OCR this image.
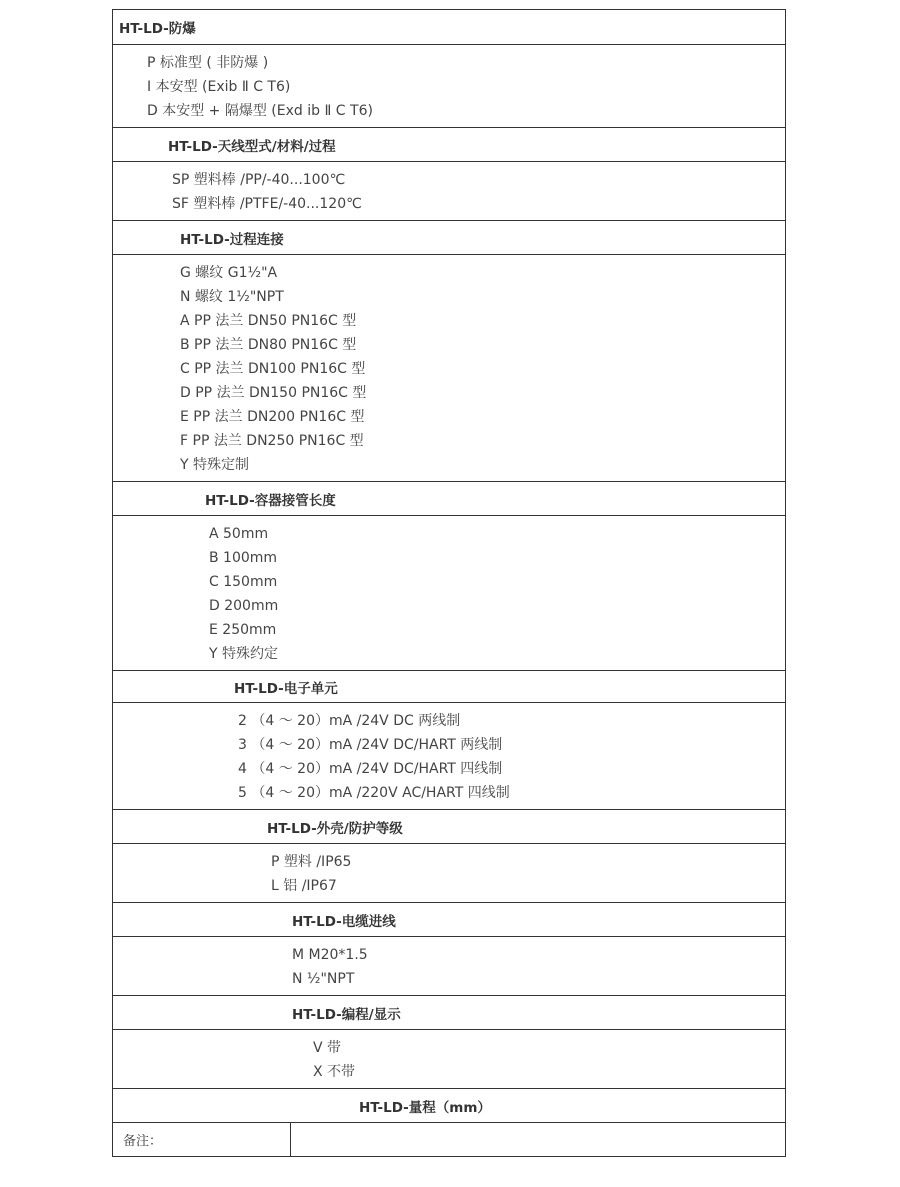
HT-LD-防爆
P 标准型 ( 非防爆 )
I 本安型 (Exib Ⅱ C T6)
D 本安型 + 隔爆型 (Exd ib Ⅱ C T6)
HT-LD-天线型式/材料/过程
SP 塑料棒 /PP/-40...100℃
SF 塑料棒 /PTFE/-40...120℃
HT-LD-过程连接
G 螺纹 G1½"A
N 螺纹 1½"NPT
A PP 法兰 DN50 PN16C 型
B PP 法兰 DN80 PN16C 型
C PP 法兰 DN100 PN16C 型
D PP 法兰 DN150 PN16C 型
E PP 法兰 DN200 PN16C 型
F PP 法兰 DN250 PN16C 型
Y 特殊定制
HT-LD-容器接管长度
A 50mm
B 100mm
C 150mm
D 200mm
E 250mm
Y 特殊约定
HT-LD-电子单元
2 （4 ～ 20）mA /24V DC 两线制
3 （4 ～ 20）mA /24V DC/HART 两线制
4 （4 ～ 20）mA /24V DC/HART 四线制
5 （4 ～ 20）mA /220V AC/HART 四线制
HT-LD-外壳/防护等级
P 塑料 /IP65
L 铝 /IP67
HT-LD-电缆进线
M M20*1.5
N ½"NPT
HT-LD-编程/显示
V 带
X 不带
HT-LD-量程（mm）
备注：
